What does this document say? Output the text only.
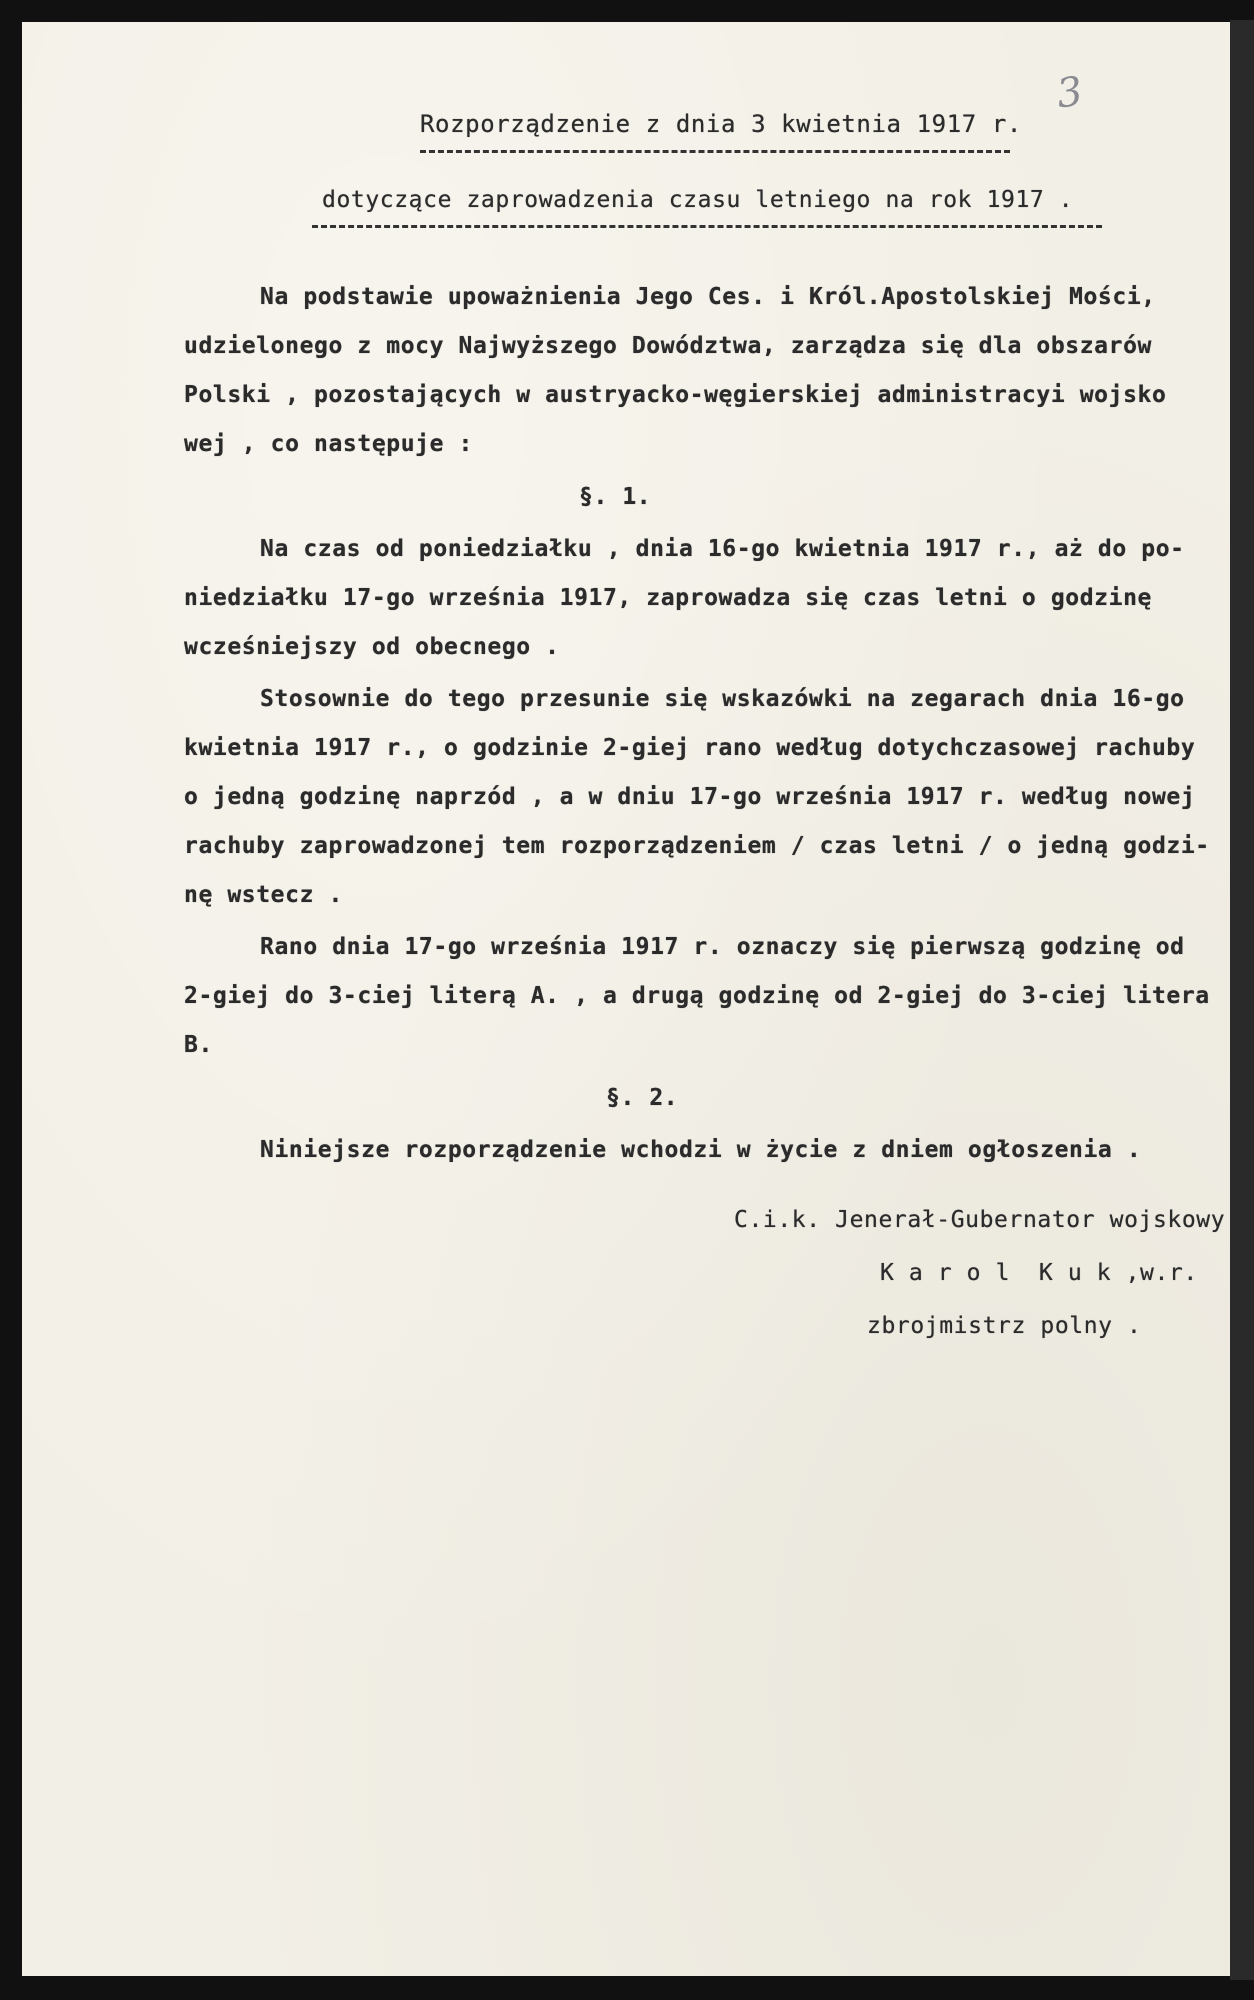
3
Rozporządzenie z dnia 3 kwietnia 1917 r.
dotyczące zaprowadzenia czasu letniego na rok 1917 .
Na podstawie upoważnienia Jego Ces. i Król.Apostolskiej Mości,
udzielonego z mocy Najwyższego Dowództwa, zarządza się dla obszarów
Polski , pozostających w austryacko-węgierskiej administracyi wojsko
wej , co następuje :
§. 1.
Na czas od poniedziałku , dnia 16-go kwietnia 1917 r., aż do po-
niedziałku 17-go września 1917, zaprowadza się czas letni o godzinę
wcześniejszy od obecnego .
Stosownie do tego przesunie się wskazówki na zegarach dnia 16-go
kwietnia 1917 r., o godzinie 2-giej rano według dotychczasowej rachuby
o jedną godzinę naprzód , a w dniu 17-go września 1917 r. według nowej
rachuby zaprowadzonej tem rozporządzeniem / czas letni / o jedną godzi-
nę wstecz .
Rano dnia 17-go września 1917 r. oznaczy się pierwszą godzinę od
2-giej do 3-ciej literą A. , a drugą godzinę od 2-giej do 3-ciej litera
B.
§. 2.
Niniejsze rozporządzenie wchodzi w życie z dniem ogłoszenia .
C.i.k. Jenerał-Gubernator wojskowy
K a r o l  K u k ,w.r.
zbrojmistrz polny .
